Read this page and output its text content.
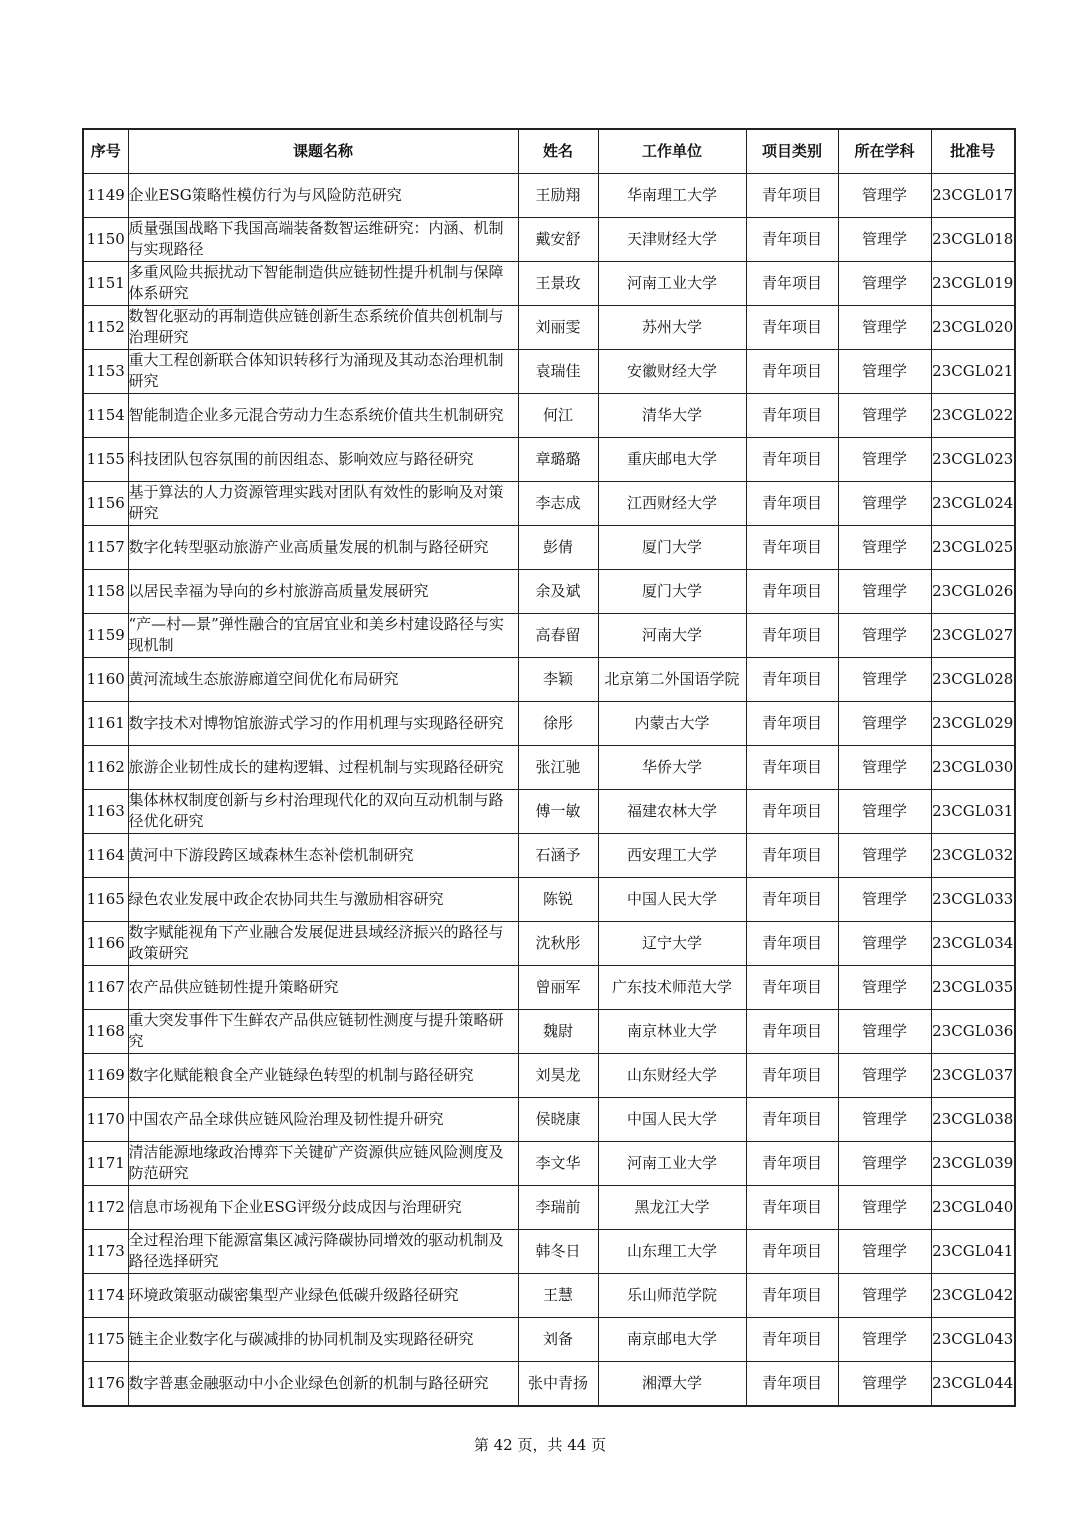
序号	课题名称	姓名	工作单位	项目类别	所在学科	批准号
1149	企业ESG策略性模仿行为与风险防范研究	王励翔	华南理工大学	青年项目	管理学	23CGL017
1150	质量强国战略下我国高端装备数智运维研究：内涵、机制与实现路径	戴安舒	天津财经大学	青年项目	管理学	23CGL018
1151	多重风险共振扰动下智能制造供应链韧性提升机制与保障体系研究	王景玫	河南工业大学	青年项目	管理学	23CGL019
1152	数智化驱动的再制造供应链创新生态系统价值共创机制与治理研究	刘丽雯	苏州大学	青年项目	管理学	23CGL020
1153	重大工程创新联合体知识转移行为涌现及其动态治理机制研究	袁瑞佳	安徽财经大学	青年项目	管理学	23CGL021
1154	智能制造企业多元混合劳动力生态系统价值共生机制研究	何江	清华大学	青年项目	管理学	23CGL022
1155	科技团队包容氛围的前因组态、影响效应与路径研究	章璐璐	重庆邮电大学	青年项目	管理学	23CGL023
1156	基于算法的人力资源管理实践对团队有效性的影响及对策研究	李志成	江西财经大学	青年项目	管理学	23CGL024
1157	数字化转型驱动旅游产业高质量发展的机制与路径研究	彭倩	厦门大学	青年项目	管理学	23CGL025
1158	以居民幸福为导向的乡村旅游高质量发展研究	余及斌	厦门大学	青年项目	管理学	23CGL026
1159	“产—村—景”弹性融合的宜居宜业和美乡村建设路径与实现机制	高春留	河南大学	青年项目	管理学	23CGL027
1160	黄河流域生态旅游廊道空间优化布局研究	李颖	北京第二外国语学院	青年项目	管理学	23CGL028
1161	数字技术对博物馆旅游式学习的作用机理与实现路径研究	徐彤	内蒙古大学	青年项目	管理学	23CGL029
1162	旅游企业韧性成长的建构逻辑、过程机制与实现路径研究	张江驰	华侨大学	青年项目	管理学	23CGL030
1163	集体林权制度创新与乡村治理现代化的双向互动机制与路径优化研究	傅一敏	福建农林大学	青年项目	管理学	23CGL031
1164	黄河中下游段跨区域森林生态补偿机制研究	石涵予	西安理工大学	青年项目	管理学	23CGL032
1165	绿色农业发展中政企农协同共生与激励相容研究	陈锐	中国人民大学	青年项目	管理学	23CGL033
1166	数字赋能视角下产业融合发展促进县域经济振兴的路径与政策研究	沈秋彤	辽宁大学	青年项目	管理学	23CGL034
1167	农产品供应链韧性提升策略研究	曾丽军	广东技术师范大学	青年项目	管理学	23CGL035
1168	重大突发事件下生鲜农产品供应链韧性测度与提升策略研究	魏尉	南京林业大学	青年项目	管理学	23CGL036
1169	数字化赋能粮食全产业链绿色转型的机制与路径研究	刘昊龙	山东财经大学	青年项目	管理学	23CGL037
1170	中国农产品全球供应链风险治理及韧性提升研究	侯晓康	中国人民大学	青年项目	管理学	23CGL038
1171	清洁能源地缘政治博弈下关键矿产资源供应链风险测度及防范研究	李文华	河南工业大学	青年项目	管理学	23CGL039
1172	信息市场视角下企业ESG评级分歧成因与治理研究	李瑞前	黑龙江大学	青年项目	管理学	23CGL040
1173	全过程治理下能源富集区减污降碳协同增效的驱动机制及路径选择研究	韩冬日	山东理工大学	青年项目	管理学	23CGL041
1174	环境政策驱动碳密集型产业绿色低碳升级路径研究	王慧	乐山师范学院	青年项目	管理学	23CGL042
1175	链主企业数字化与碳减排的协同机制及实现路径研究	刘备	南京邮电大学	青年项目	管理学	23CGL043
1176	数字普惠金融驱动中小企业绿色创新的机制与路径研究	张中青扬	湘潭大学	青年项目	管理学	23CGL044
第 42 页，共 44 页
